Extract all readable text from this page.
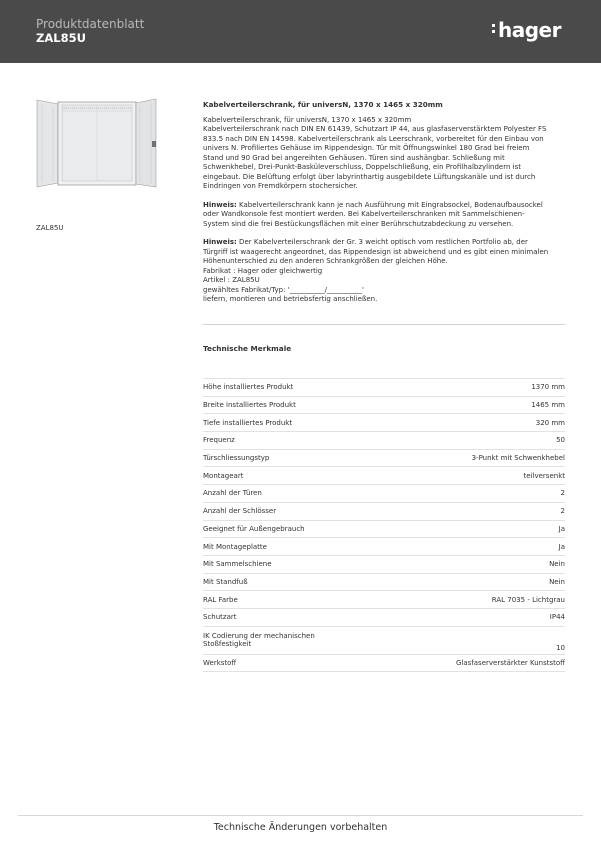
Produktdatenblatt
ZAL85U	hager
ZAL85U
Kabelverteilerschrank, für universN, 1370 x 1465 x 320mm
Kabelverteilerschrank, für universN, 1370 x 1465 x 320mm
Kabelverteilerschrank nach DIN EN 61439, Schutzart IP 44, aus glasfaserverstärktem Polyester FS
833.5 nach DIN EN 14598. Kabelverteilerschrank als Leerschrank, vorbereitet für den Einbau von
univers N. Profiliertes Gehäuse im Rippendesign. Tür mit Öffnungswinkel 180 Grad bei freiem
Stand und 90 Grad bei angereihten Gehäusen. Türen sind aushängbar. Schließung mit
Schwenkhebel, Drei-Punkt-Basküleverschluss, Doppelschließung, ein Profilhalbzylindern ist
eingebaut. Die Belüftung erfolgt über labyrinthartig ausgebildete Lüftungskanäle und ist durch
Eindringen von Fremdkörpern stochersicher.
Hinweis: Kabelverteilerschrank kann je nach Ausführung mit Eingrabsockel, Bodenaufbausockel
oder Wandkonsole fest montiert werden. Bei Kabelverteilerschranken mit Sammelschienen-
System sind die frei Bestückungsflächen mit einer Berührschutzabdeckung zu versehen.
Hinweis: Der Kabelverteilerschrank der Gr. 3 weicht optisch vom restlichen Portfolio ab, der
Türgriff ist waagerecht angeordnet, das Rippendesign ist abweichend und es gibt einen minimalen
Höhenunterschied zu den anderen Schrankgrößen der gleichen Höhe.
Fabrikat : Hager oder gleichwertig
Artikel : ZAL85U
gewähltes Fabrikat/Typ: '__________/__________'
liefern, montieren und betriebsfertig anschließen.
Technische Merkmale
Höhe installiertes Produkt	1370 mm
Breite installiertes Produkt	1465 mm
Tiefe installiertes Produkt	320 mm
Frequenz	50
Türschliessungstyp	3-Punkt mit Schwenkhebel
Montageart	teilversenkt
Anzahl der Türen	2
Anzahl der Schlösser	2
Geeignet für Außengebrauch	Ja
Mit Montageplatte	Ja
Mit Sammelschiene	Nein
Mit Standfuß	Nein
RAL Farbe	RAL 7035 - Lichtgrau
Schutzart	IP44

IK Codierung der mechanischen
Stoßfestigkeit	10
Werkstoff	Glasfaserverstärkter Kunststoff
Technische Änderungen vorbehalten
